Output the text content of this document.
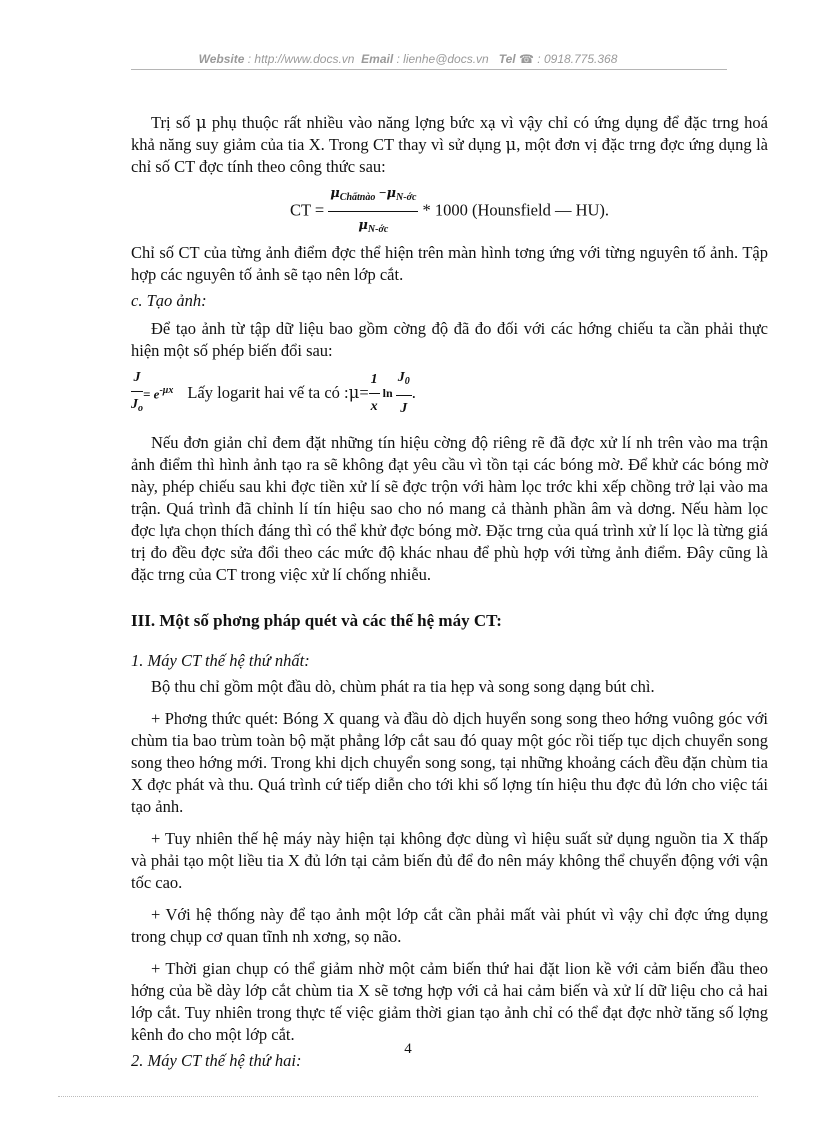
Website : http://www.docs.vn Email : lienhe@docs.vn Tel ☎ : 0918.775.368

Trị số μ phụ thuộc rất nhiều vào năng lợng bức xạ vì vậy chỉ có ứng dụng để đặc trng hoá khả năng suy giảm của tia X. Trong CT thay vì sử dụng μ, một đơn vị đặc trng đợc ứng dụng là chỉ số CT đợc tính theo công thức sau:

CT = $\frac{\mu_{Chấtnào} -\mu_{N-ớc}}{\mu_{N-ớc}} * 1000$ (Hounsfield — HU).

Chỉ số CT của từng ảnh điểm đợc thể hiện trên màn hình tơng ứng với từng nguyên tố ảnh. Tập hợp các nguyên tố ảnh sẽ tạo nên lớp cắt.

c. Tạo ảnh:

Để tạo ảnh từ tập dữ liệu bao gồm cờng độ đã đo đối với các hớng chiếu ta cần phải thực hiện một số phép biến đổi sau:

$\frac{J}{J_o} = e^{-\mu x}$ Lấy logarit hai vế ta có : $\mu = \frac{1}{x}$ $\ln \frac{J_0}{J}$ .

Nếu đơn giản chỉ đem đặt những tín hiệu cờng độ riêng rẽ đã đợc xử lí nh trên vào ma trận ảnh điểm thì hình ảnh tạo ra sẽ không đạt yêu cầu vì tồn tại các bóng mờ. Để khử các bóng mờ này, phép chiếu sau khi đợc tiền xử lí sẽ đợc trộn với hàm lọc trớc khi xếp chồng trở lại vào ma trận. Quá trình đã chỉnh lí tín hiệu sao cho nó mang cả thành phần âm và dơng. Nếu hàm lọc đợc lựa chọn thích đáng thì có thể khử đợc bóng mờ. Đặc trng của quá trình xử lí lọc là từng giá trị đo đều đợc sửa đổi theo các mức độ khác nhau để phù hợp với từng ảnh điểm. Đây cũng là đặc trng của CT trong việc xử lí chống nhiễu.

III. Một số phơng pháp quét và các thế hệ máy CT:

1. Máy CT thế hệ thứ nhất:

Bộ thu chỉ gồm một đầu dò, chùm phát ra tia hẹp và song song dạng bút chì.

+ Phơng thức quét: Bóng X quang và đầu dò dịch huyển song song theo hớng vuông góc với chùm tia bao trùm toàn bộ mặt phẳng lớp cắt sau đó quay một góc rồi tiếp tục dịch chuyển song song theo hớng mới. Trong khi dịch chuyển song song, tại những khoảng cách đều đặn chùm tia X đợc phát và thu. Quá trình cứ tiếp diễn cho tới khi số lợng tín hiệu thu đợc đủ lớn cho việc tái tạo ảnh.

+ Tuy nhiên thế hệ máy này hiện tại không đợc dùng vì hiệu suất sử dụng nguồn tia X thấp và phải tạo một liều tia X đủ lớn tại cảm biến đủ để đo nên máy không thể chuyển động với vận tốc cao.

+ Với hệ thống này để tạo ảnh một lớp cắt cần phải mất vài phút vì vậy chỉ đợc ứng dụng trong chụp cơ quan tĩnh nh xơng, sọ não.

+ Thời gian chụp có thể giảm nhờ một cảm biến thứ hai đặt lion kề với cảm biến đầu theo hớng của bề dày lớp cắt chùm tia X sẽ tơng hợp với cả hai cảm biến và xử lí dữ liệu cho cả hai lớp cắt. Tuy nhiên trong thực tế việc giảm thời gian tạo ảnh chỉ có thể đạt đợc nhờ tăng số lợng kênh đo cho một lớp cắt.

2. Máy CT thế hệ thứ hai:

4
